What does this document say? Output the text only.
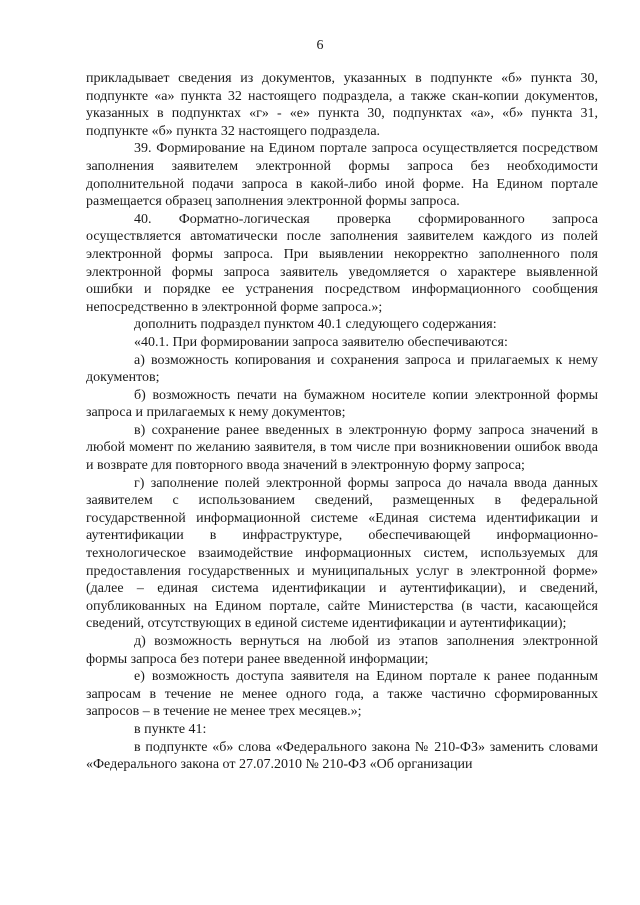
6

прикладывает сведения из документов, указанных в подпункте «б» пункта 30, подпункте «а» пункта 32 настоящего подраздела, а также скан-копии документов, указанных в подпунктах «г» - «е» пункта 30, подпунктах «а», «б» пункта 31, подпункте «б» пункта 32 настоящего подраздела.

39. Формирование на Едином портале запроса осуществляется посредством заполнения заявителем электронной формы запроса без необходимости дополнительной подачи запроса в какой-либо иной форме. На Едином портале размещается образец заполнения электронной формы запроса.

40. Форматно-логическая проверка сформированного запроса осуществляется автоматически после заполнения заявителем каждого из полей электронной формы запроса. При выявлении некорректно заполненного поля электронной формы запроса заявитель уведомляется о характере выявленной ошибки и порядке ее устранения посредством информационного сообщения непосредственно в электронной форме запроса.»;

дополнить подраздел пунктом 40.1 следующего содержания:

«40.1. При формировании запроса заявителю обеспечиваются:

а) возможность копирования и сохранения запроса и прилагаемых к нему документов;

б) возможность печати на бумажном носителе копии электронной формы запроса и прилагаемых к нему документов;

в) сохранение ранее введенных в электронную форму запроса значений в любой момент по желанию заявителя, в том числе при возникновении ошибок ввода и возврате для повторного ввода значений в электронную форму запроса;

г) заполнение полей электронной формы запроса до начала ввода данных заявителем с использованием сведений, размещенных в федеральной государственной информационной системе «Единая система идентификации и аутентификации в инфраструктуре, обеспечивающей информационно-технологическое взаимодействие информационных систем, используемых для предоставления государственных и муниципальных услуг в электронной форме» (далее – единая система идентификации и аутентификации), и сведений, опубликованных на Едином портале, сайте Министерства (в части, касающейся сведений, отсутствующих в единой системе идентификации и аутентификации);

д) возможность вернуться на любой из этапов заполнения электронной формы запроса без потери ранее введенной информации;

е) возможность доступа заявителя на Едином портале к ранее поданным запросам в течение не менее одного года, а также частично сформированных запросов – в течение не менее трех месяцев.»;

в пункте 41:

в подпункте «б» слова «Федерального закона № 210-ФЗ» заменить словами «Федерального закона от 27.07.2010 № 210-ФЗ «Об организации
